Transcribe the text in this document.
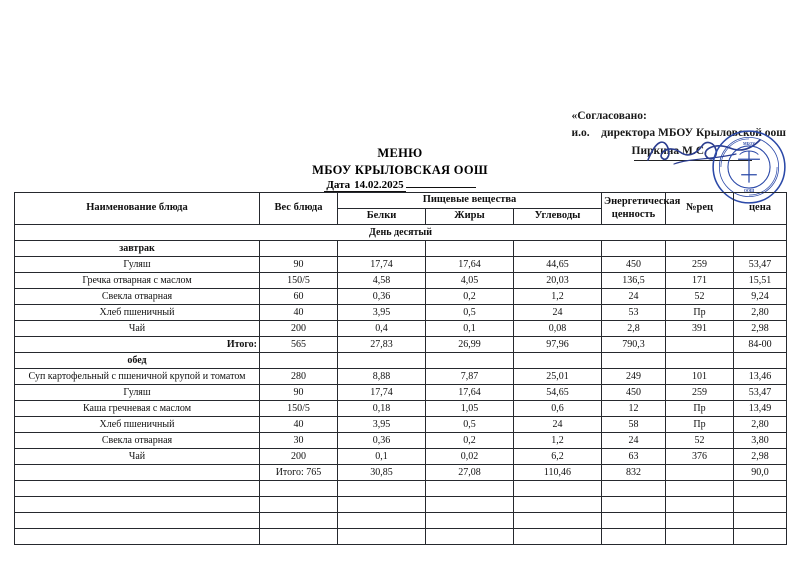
«Согласовано:
и.о. директора МБОУ Крыловской оош
Пиркина М.С.
МБОУ
ООШ
МЕНЮ
МБОУ КРЫЛОВСКАЯ ООШ
Дата 14.02.2025
Наименование блюда	Вес блюда	Пищевые вещества			Энергетическая ценность	№рец	цена
		Белки	Жиры	Углеводы			
День десятый							
завтрак							
Гуляш	90	17,74	17,64	44,65	450	259	53,47
Гречка отварная с маслом	150/5	4,58	4,05	20,03	136,5	171	15,51
Свекла отварная	60	0,36	0,2	1,2	24	52	9,24
Хлеб пшеничный	40	3,95	0,5	24	53	Пр	2,80
Чай	200	0,4	0,1	0,08	2,8	391	2,98
Итого:	565	27,83	26,99	97,96	790,3		84-00
обед							
Суп картофельный с пшеничной крупой и томатом	280	8,88	7,87	25,01	249	101	13,46
Гуляш	90	17,74	17,64	54,65	450	259	53,47
Каша гречневая с маслом	150/5	0,18	1,05	0,6	12	Пр	13,49
Хлеб пшеничный	40	3,95	0,5	24	58	Пр	2,80
Свекла отварная	30	0,36	0,2	1,2	24	52	3,80
Чай	200	0,1	0,02	6,2	63	376	2,98
	Итого: 765	30,85	27,08	110,46	832		90,0
